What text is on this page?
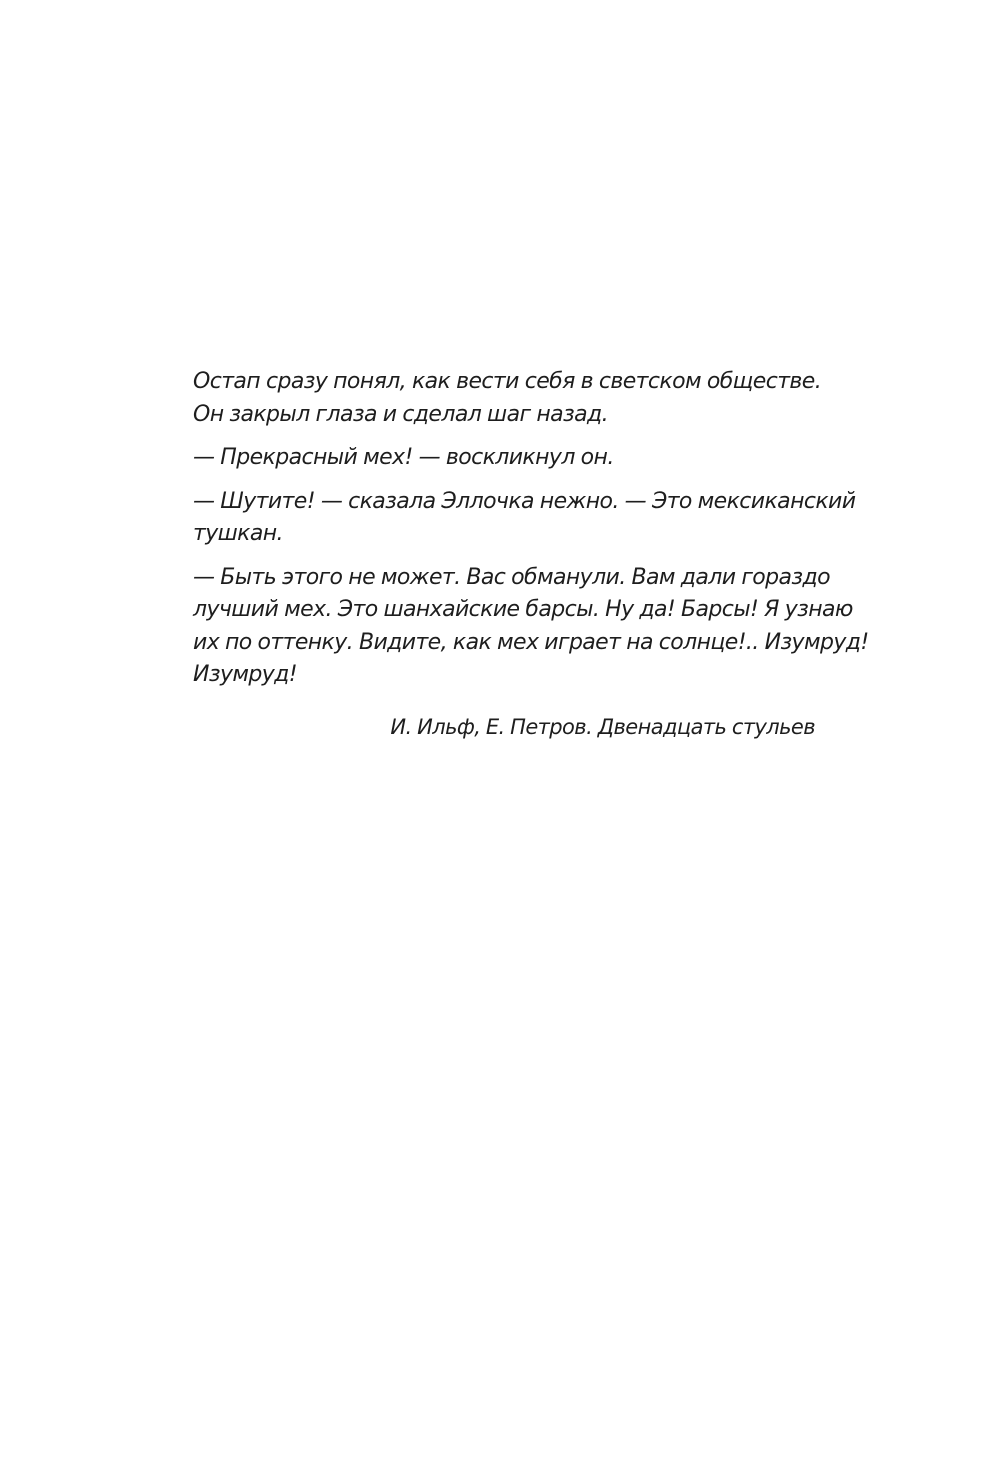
Остап сразу понял, как вести себя в светском обществе.
Он закрыл глаза и сделал шаг назад.

— Прекрасный мех! — воскликнул он.

— Шутите! — сказала Эллочка нежно. — Это мексиканский
тушкан.

— Быть этого не может. Вас обманули. Вам дали гораздо
лучший мех. Это шанхайские барсы. Ну да! Барсы! Я узнаю
их по оттенку. Видите, как мех играет на солнце!.. Изумруд!
Изумруд!

И. Ильф, Е. Петров. Двенадцать стульев
